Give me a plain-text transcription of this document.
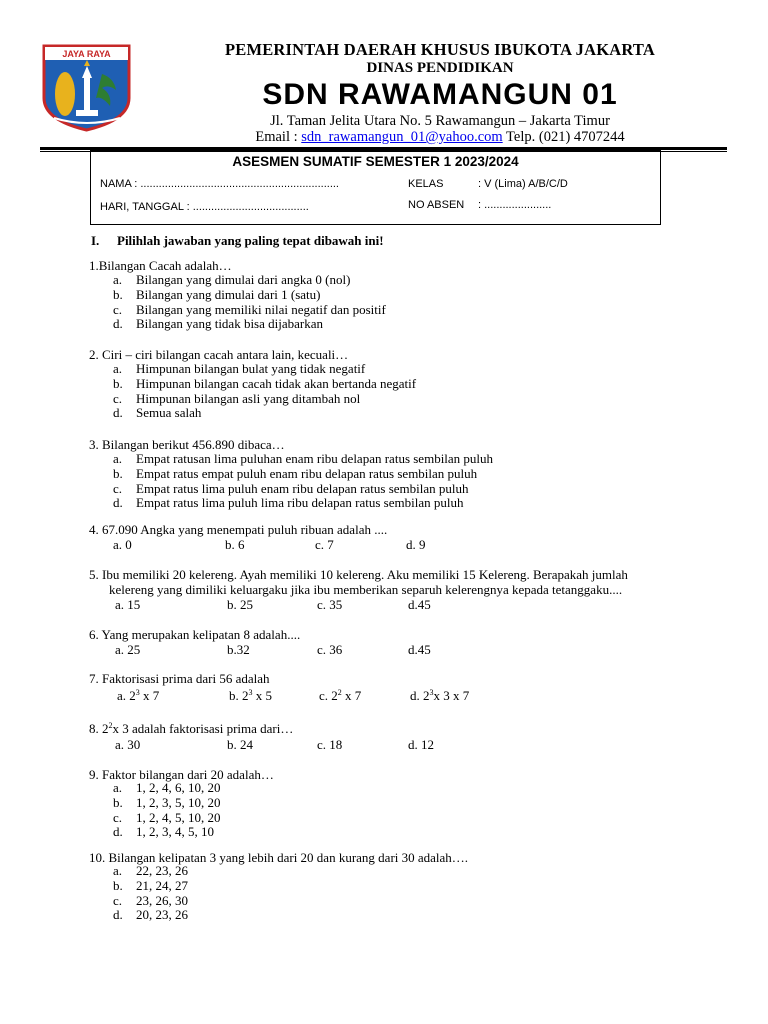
JAYA RAYA	PEMERINTAH DAERAH KHUSUS IBUKOTA JAKARTA
DINAS PENDIDIKAN
SDN RAWAMANGUN 01
Jl. Taman Jelita Utara No. 5 Rawamangun – Jakarta Timur
Email : sdn_rawamangun_01@yahoo.com Telp. (021) 4707244
ASESMEN SUMATIF SEMESTER 1 2023/2024
NAMA : .................................................................
HARI, TANGGAL : ......................................
KELAS	: V (Lima) A/B/C/D
NO ABSEN : ......................
I. Pilihlah jawaban yang paling tepat dibawah ini!
1.Bilangan Cacah adalah…
a.	Bilangan yang dimulai dari angka 0 (nol)
b.	Bilangan yang dimulai dari 1 (satu)
c.	Bilangan yang memiliki nilai negatif dan positif
d.	Bilangan yang tidak bisa dijabarkan
2. Ciri – ciri bilangan cacah antara lain, kecuali…
a.	Himpunan bilangan bulat yang tidak negatif
b.	Himpunan bilangan cacah tidak akan bertanda negatif
c.	Himpunan bilangan asli yang ditambah nol
d.	Semua salah
3. Bilangan berikut 456.890 dibaca…
a.	Empat ratusan lima puluhan enam ribu delapan ratus sembilan puluh
b.	Empat ratus empat puluh enam ribu delapan ratus sembilan puluh
c.	Empat ratus lima puluh enam ribu delapan ratus sembilan puluh
d.	Empat ratus lima puluh lima ribu delapan ratus sembilan puluh
4. 67.090 Angka yang menempati puluh ribuan adalah ....
a. 0	b. 6	c. 7	d. 9
5. Ibu memiliki 20 kelereng. Ayah memiliki 10 kelereng. Aku memiliki 15 Kelereng. Berapakah jumlah
kelereng yang dimiliki keluargaku jika ibu memberikan separuh kelerengnya kepada tetanggaku....
a. 15	b. 25	c. 35	d.45
6. Yang merupakan kelipatan 8 adalah....
a. 25	b.32	c. 36	d.45
7. Faktorisasi prima dari 56 adalah
a. $2^3$ x 7	b. $2^3$ x 5	c. $2^2$ x 7	d. $2^3x$ 3 x 7
8. $2^2x$ 3 adalah faktorisasi prima dari…
a. 30	b. 24	c. 18	d. 12
9. Faktor bilangan dari 20 adalah…
a.	1, 2, 4, 6, 10, 20
b.	1, 2, 3, 5, 10, 20
c.	1, 2, 4, 5, 10, 20
d.	1, 2, 3, 4, 5, 10
10. Bilangan kelipatan 3 yang lebih dari 20 dan kurang dari 30 adalah….
a.	22, 23, 26
b.	21, 24, 27
c.	23, 26, 30
d.	20, 23, 26
